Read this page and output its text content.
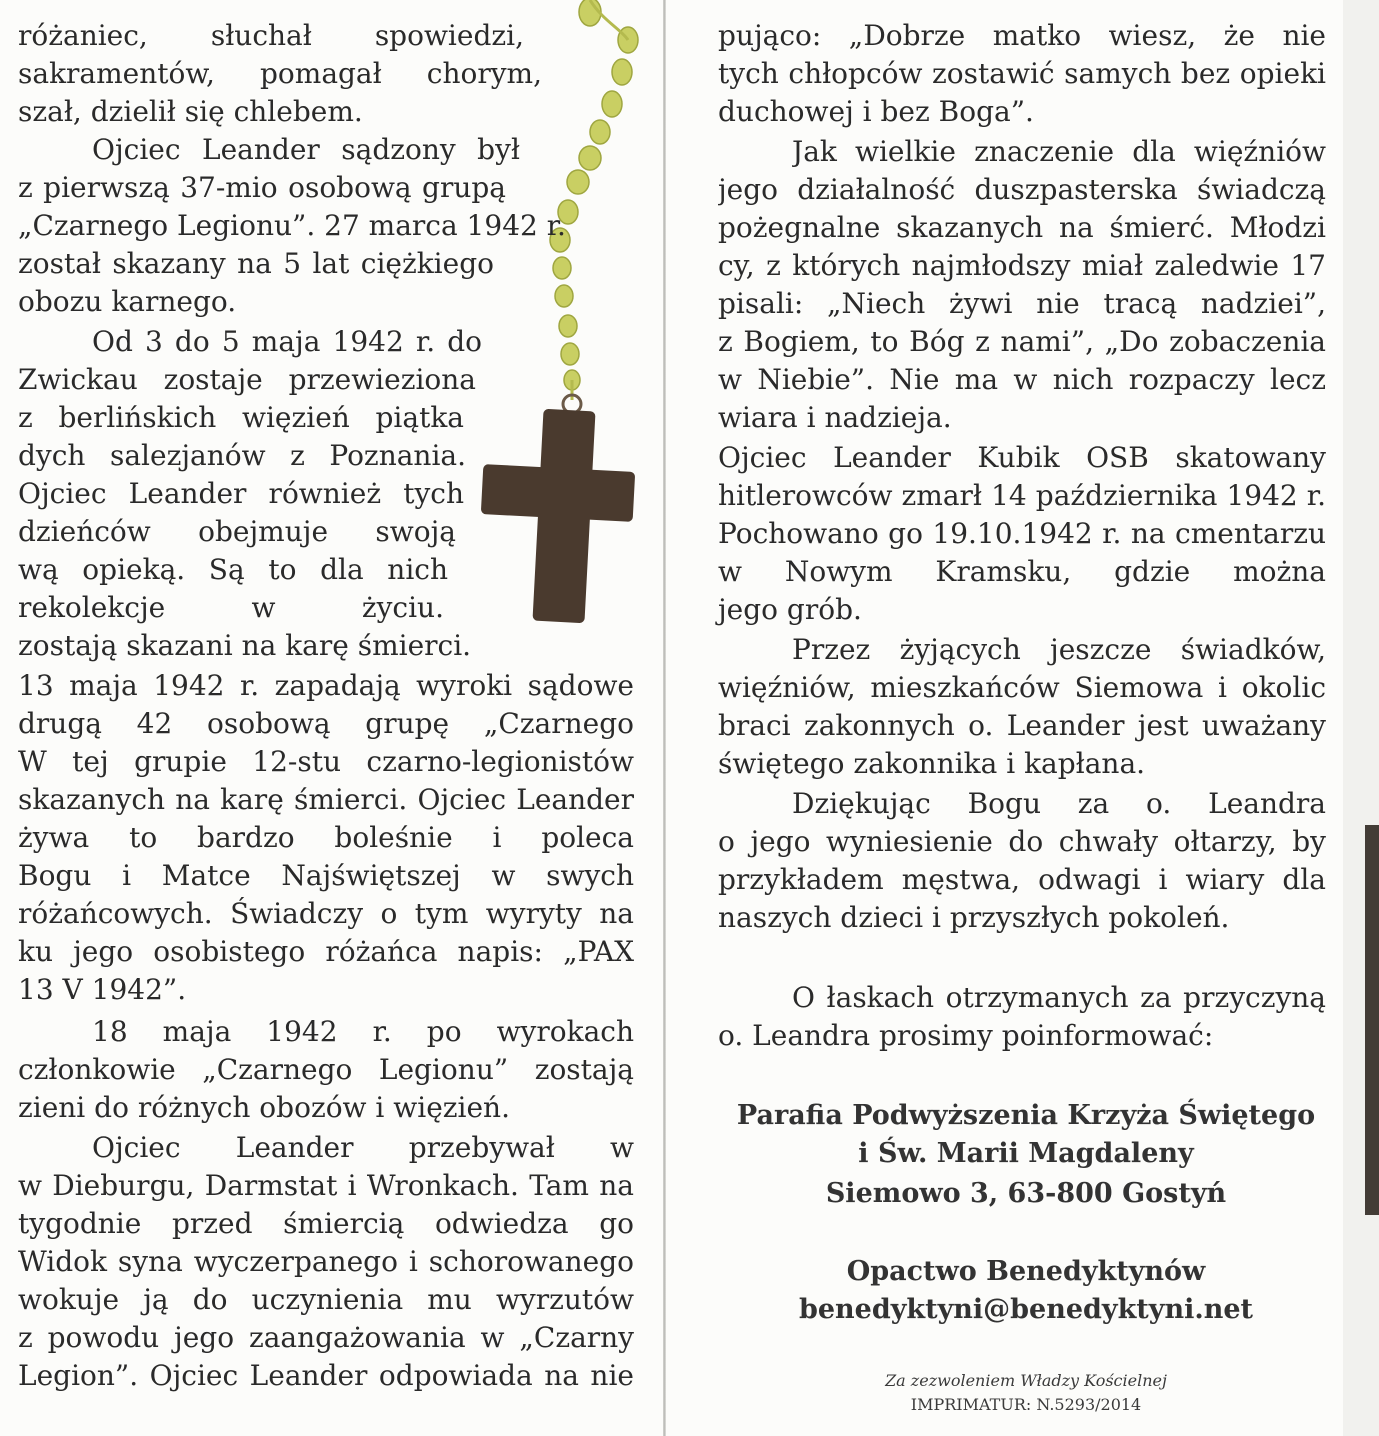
różaniec, słuchał spowiedzi,
sakramentów, pomagał chorym,
szał, dzielił się chlebem.
Ojciec Leander sądzony był
z pierwszą 37-mio osobową grupą
„Czarnego Legionu”. 27 marca 1942 r.
został skazany na 5 lat ciężkiego
obozu karnego.
Od 3 do 5 maja 1942 r. do
Zwickau zostaje przewieziona
z berlińskich więzień piątka
dych salezjanów z Poznania.
Ojciec Leander również tych
dzieńców obejmuje swoją
wą opieką. Są to dla nich
rekolekcje w życiu.
zostają skazani na karę śmierci.
13 maja 1942 r. zapadają wyroki sądowe
drugą 42 osobową grupę „Czarnego
W tej grupie 12-stu czarno-legionistów
skazanych na karę śmierci. Ojciec Leander
żywa to bardzo boleśnie i poleca
Bogu i Matce Najświętszej w swych
różańcowych. Świadczy o tym wyryty na
ku jego osobistego różańca napis: „PAX
13 V 1942”.
18 maja 1942 r. po wyrokach
członkowie „Czarnego Legionu” zostają
zieni do różnych obozów i więzień.
Ojciec Leander przebywał w
w Dieburgu, Darmstat i Wronkach. Tam na
tygodnie przed śmiercią odwiedza go
Widok syna wyczerpanego i schorowanego
wokuje ją do uczynienia mu wyrzutów
z powodu jego zaangażowania w „Czarny
Legion”. Ojciec Leander odpowiada na nie
pująco: „Dobrze matko wiesz, że nie
tych chłopców zostawić samych bez opieki
duchowej i bez Boga”.
Jak wielkie znaczenie dla więźniów
jego działalność duszpasterska świadczą
pożegnalne skazanych na śmierć. Młodzi
cy, z których najmłodszy miał zaledwie 17
pisali: „Niech żywi nie tracą nadziei”,
z Bogiem, to Bóg z nami”, „Do zobaczenia
w Niebie”. Nie ma w nich rozpaczy lecz
wiara i nadzieja.
Ojciec Leander Kubik OSB skatowany
hitlerowców zmarł 14 października 1942 r.
Pochowano go 19.10.1942 r. na cmentarzu
w Nowym Kramsku, gdzie można
jego grób.
Przez żyjących jeszcze świadków,
więźniów, mieszkańców Siemowa i okolic
braci zakonnych o. Leander jest uważany
świętego zakonnika i kapłana.
Dziękując Bogu za o. Leandra
o jego wyniesienie do chwały ołtarzy, by
przykładem męstwa, odwagi i wiary dla
naszych dzieci i przyszłych pokoleń.
O łaskach otrzymanych za przyczyną
o. Leandra prosimy poinformować:
Parafia Podwyższenia Krzyża Świętego
i Św. Marii Magdaleny
Siemowo 3, 63-800 Gostyń
Opactwo Benedyktynów
benedyktyni@benedyktyni.net
Za zezwoleniem Władzy Kościelnej
IMPRIMATUR: N.5293/2014
